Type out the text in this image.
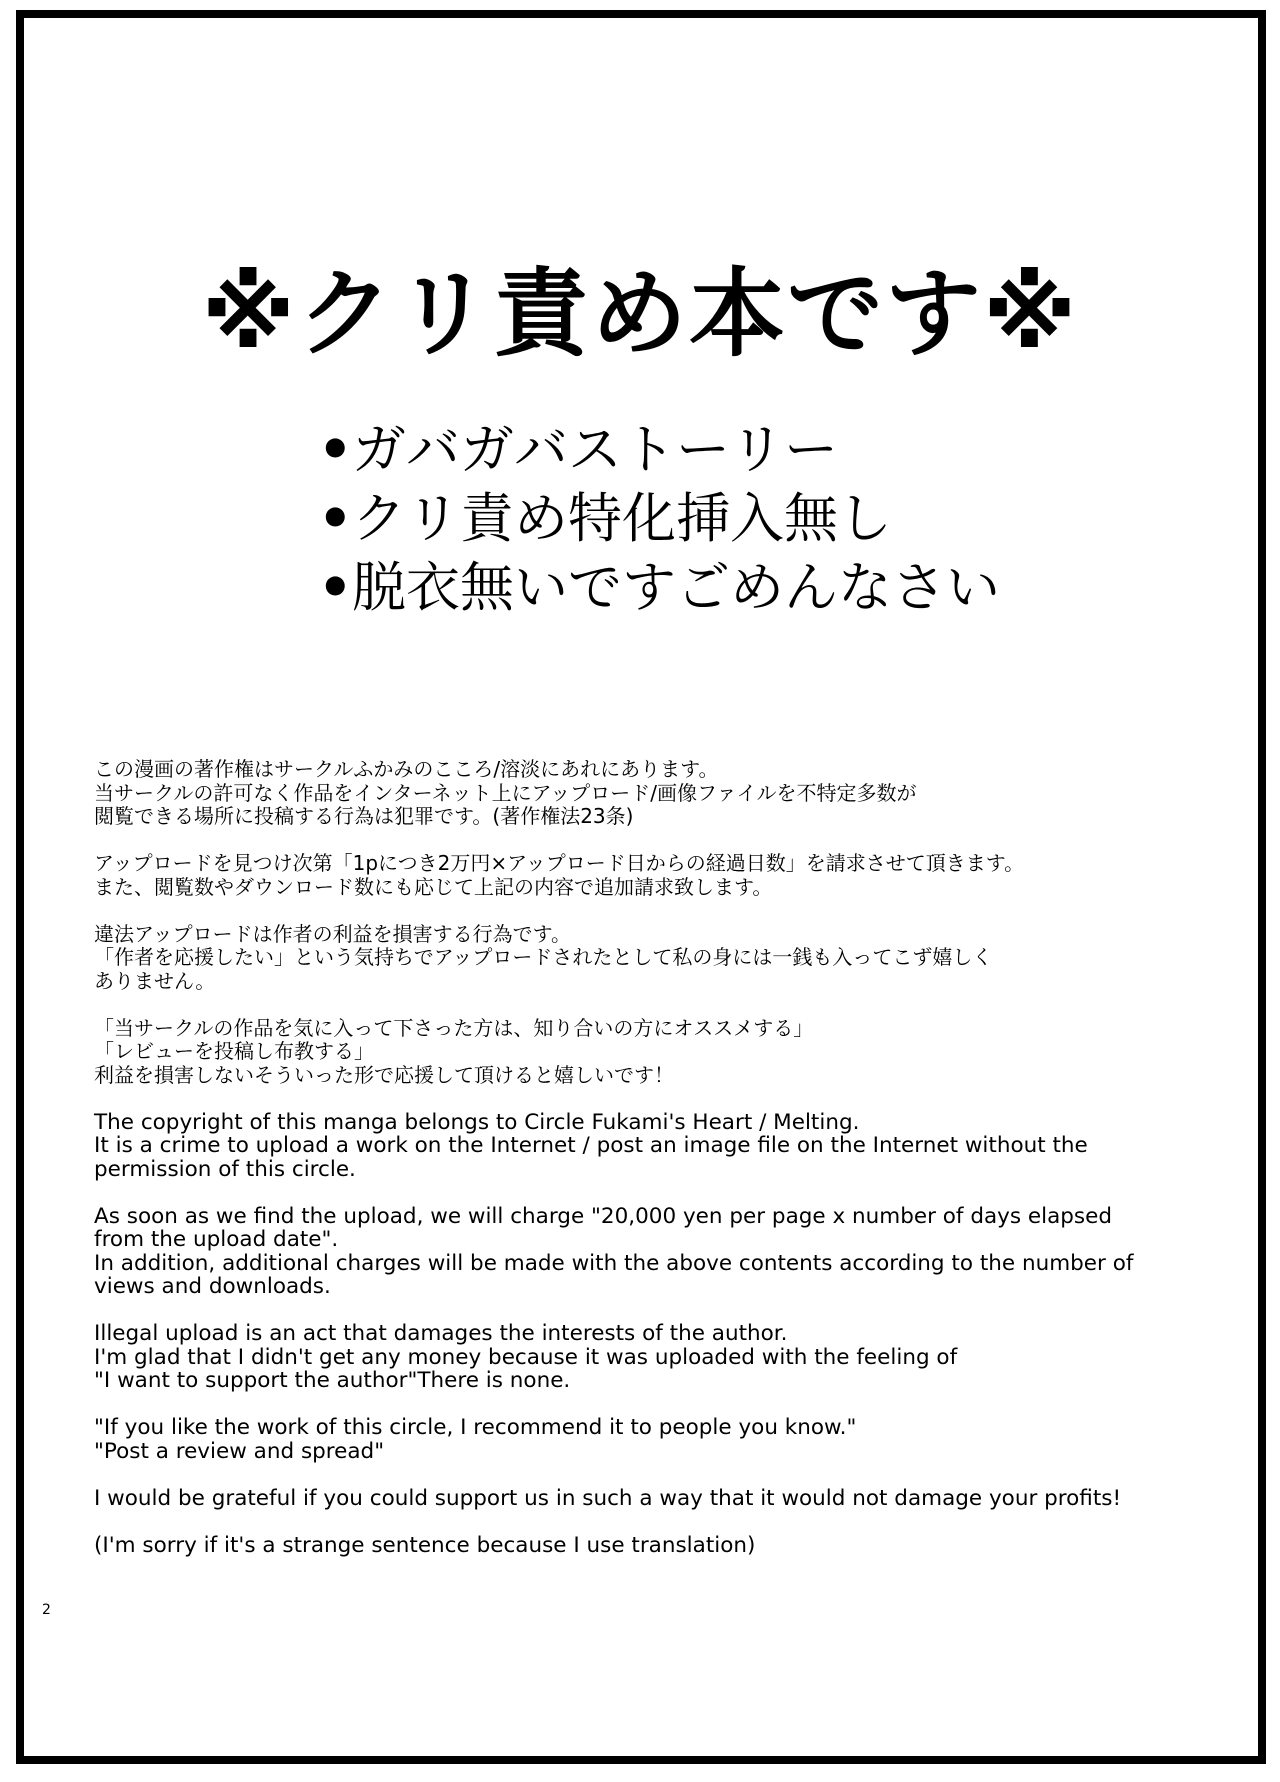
※クリ責め本です※
•ガバガバストーリー
•クリ責め特化挿入無し
•脱衣無いですごめんなさい

この漫画の著作権はサークルふかみのこころ/溶淡にあれにあります。
当サークルの許可なく作品をインターネット上にアップロード/画像ファイルを不特定多数が
閲覧できる場所に投稿する行為は犯罪です。(著作権法23条)

アップロードを見つけ次第「1pにつき2万円×アップロード日からの経過日数」を請求させて頂きます。
また、閲覧数やダウンロード数にも応じて上記の内容で追加請求致します。

違法アップロードは作者の利益を損害する行為です。
「作者を応援したい」という気持ちでアップロードされたとして私の身には一銭も入ってこず嬉しく
ありません。

「当サークルの作品を気に入って下さった方は、知り合いの方にオススメする」
「レビューを投稿し布教する」
利益を損害しないそういった形で応援して頂けると嬉しいです！

The copyright of this manga belongs to Circle Fukami's Heart / Melting.
It is a crime to upload a work on the Internet / post an image file on the Internet without the
permission of this circle.

As soon as we find the upload, we will charge "20,000 yen per page x number of days elapsed
from the upload date".
In addition, additional charges will be made with the above contents according to the number of
views and downloads.

Illegal upload is an act that damages the interests of the author.
I'm glad that I didn't get any money because it was uploaded with the feeling of
"I want to support the author"There is none.

"If you like the work of this circle, I recommend it to people you know."
"Post a review and spread"

I would be grateful if you could support us in such a way that it would not damage your profits!

(I'm sorry if it's a strange sentence because I use translation)

2
